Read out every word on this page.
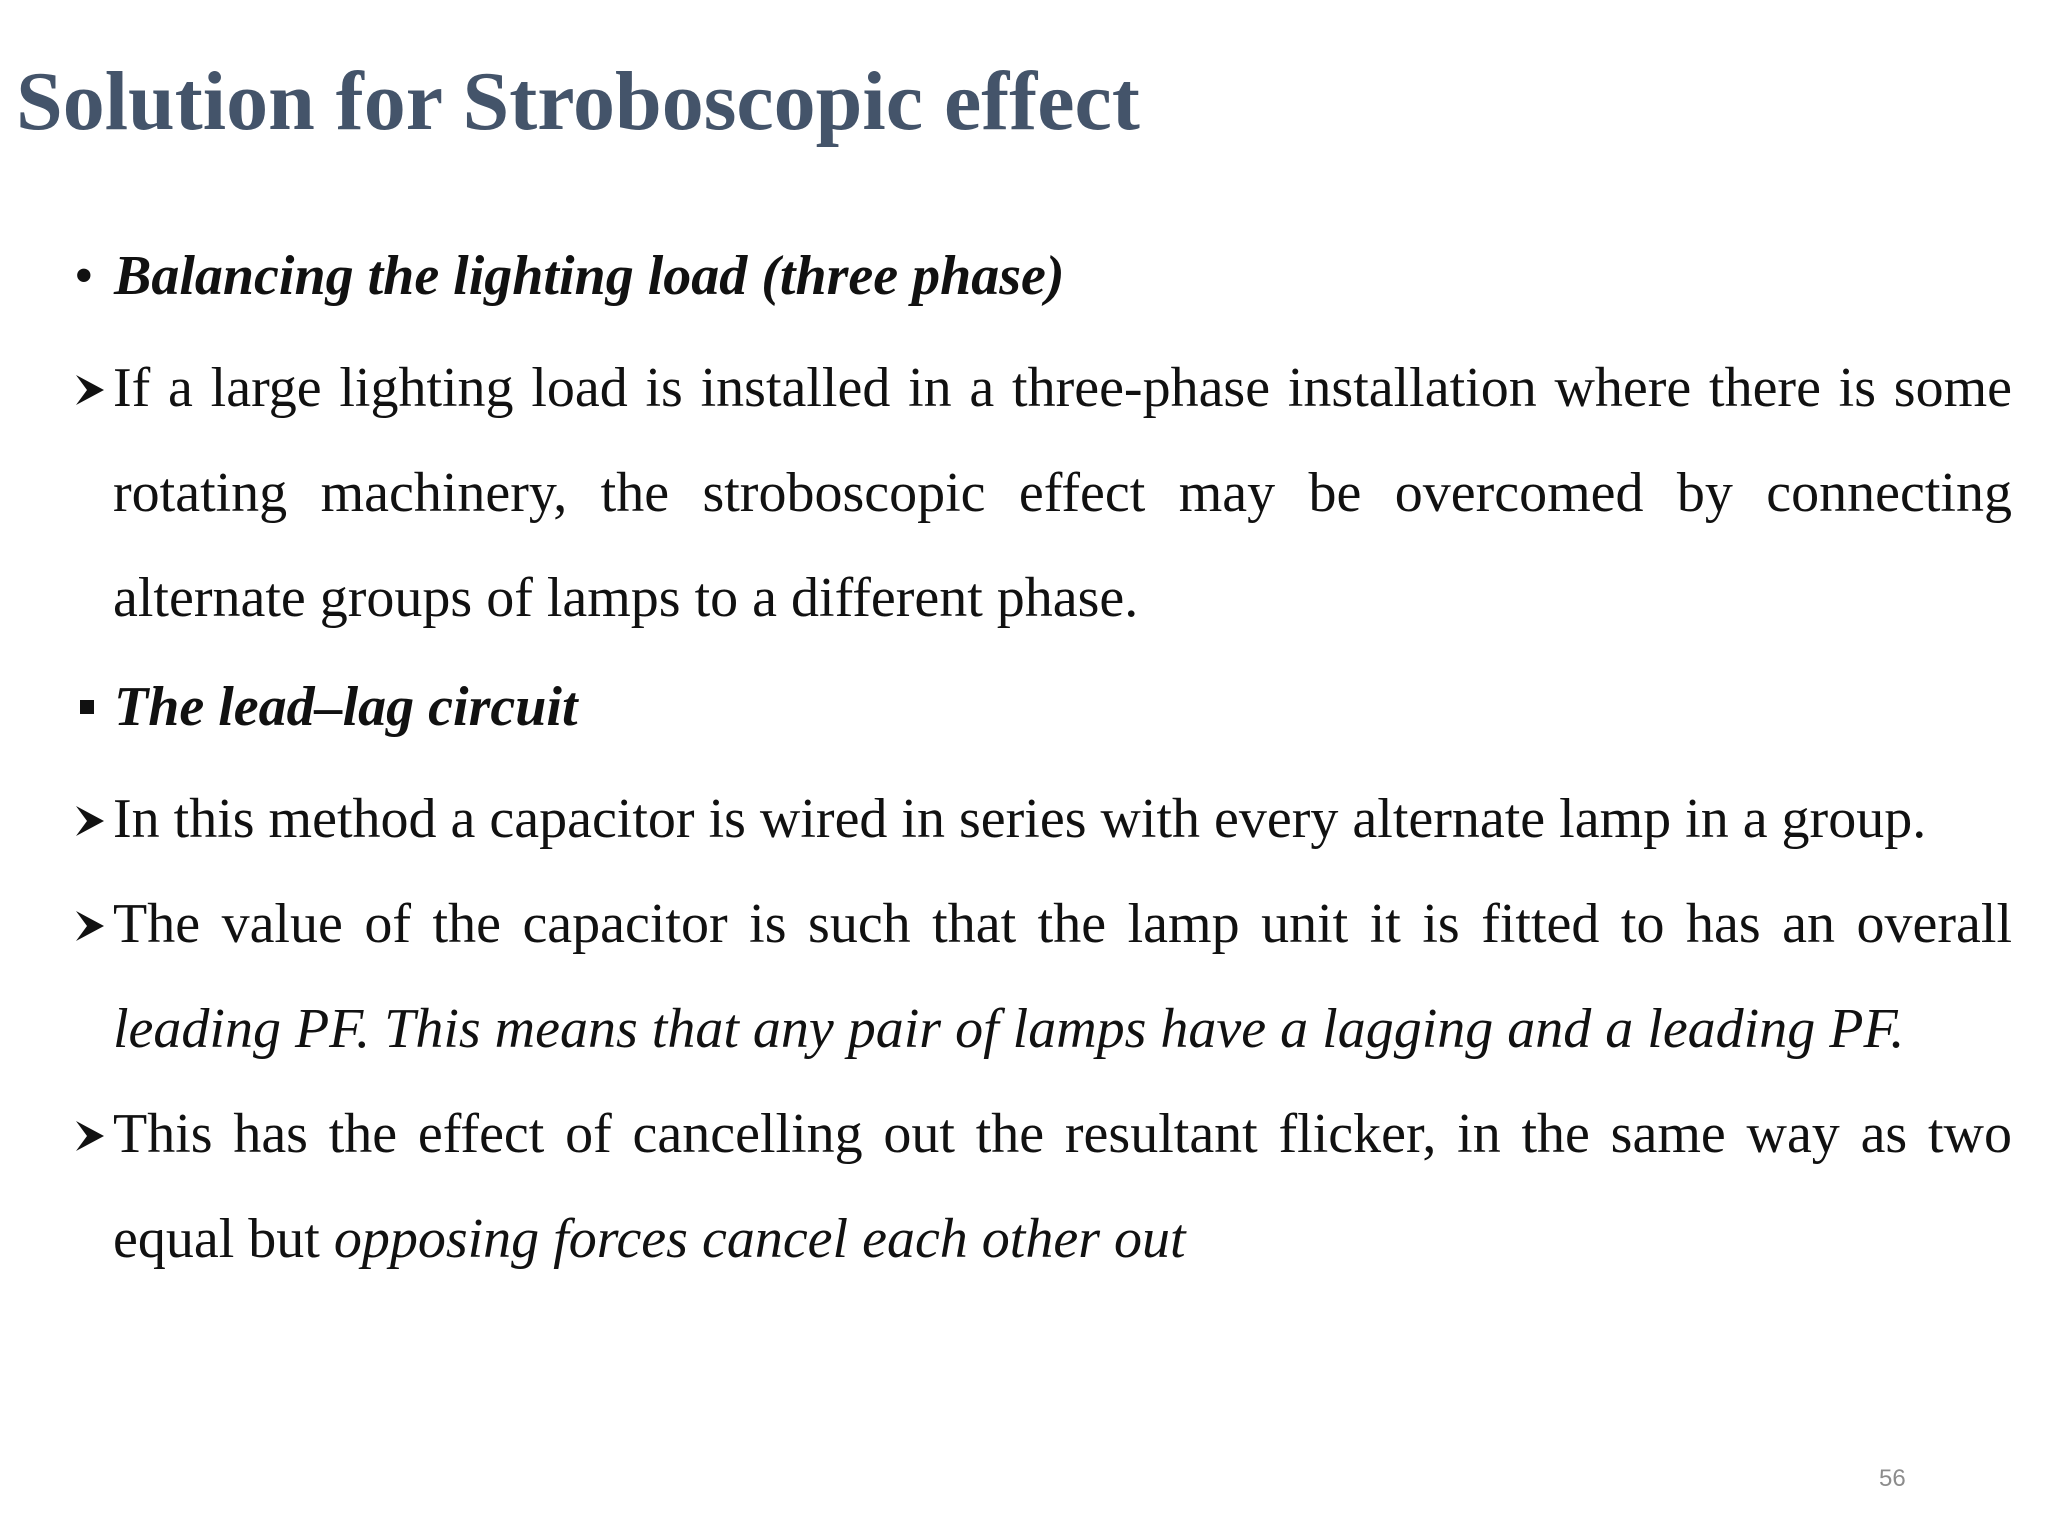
Solution for Stroboscopic effect
• Balancing the lighting load (three phase)
If a large lighting load is installed in a three-phase installation where there is some rotating machinery, the stroboscopic effect may be overcomed by connecting alternate groups of lamps to a different phase.
The lead–lag circuit
In this method a capacitor is wired in series with every alternate lamp in a group.
The value of the capacitor is such that the lamp unit it is fitted to has an overall leading PF. This means that any pair of lamps have a lagging and a leading PF.
This has the effect of cancelling out the resultant flicker, in the same way as two equal but opposing forces cancel each other out
56
